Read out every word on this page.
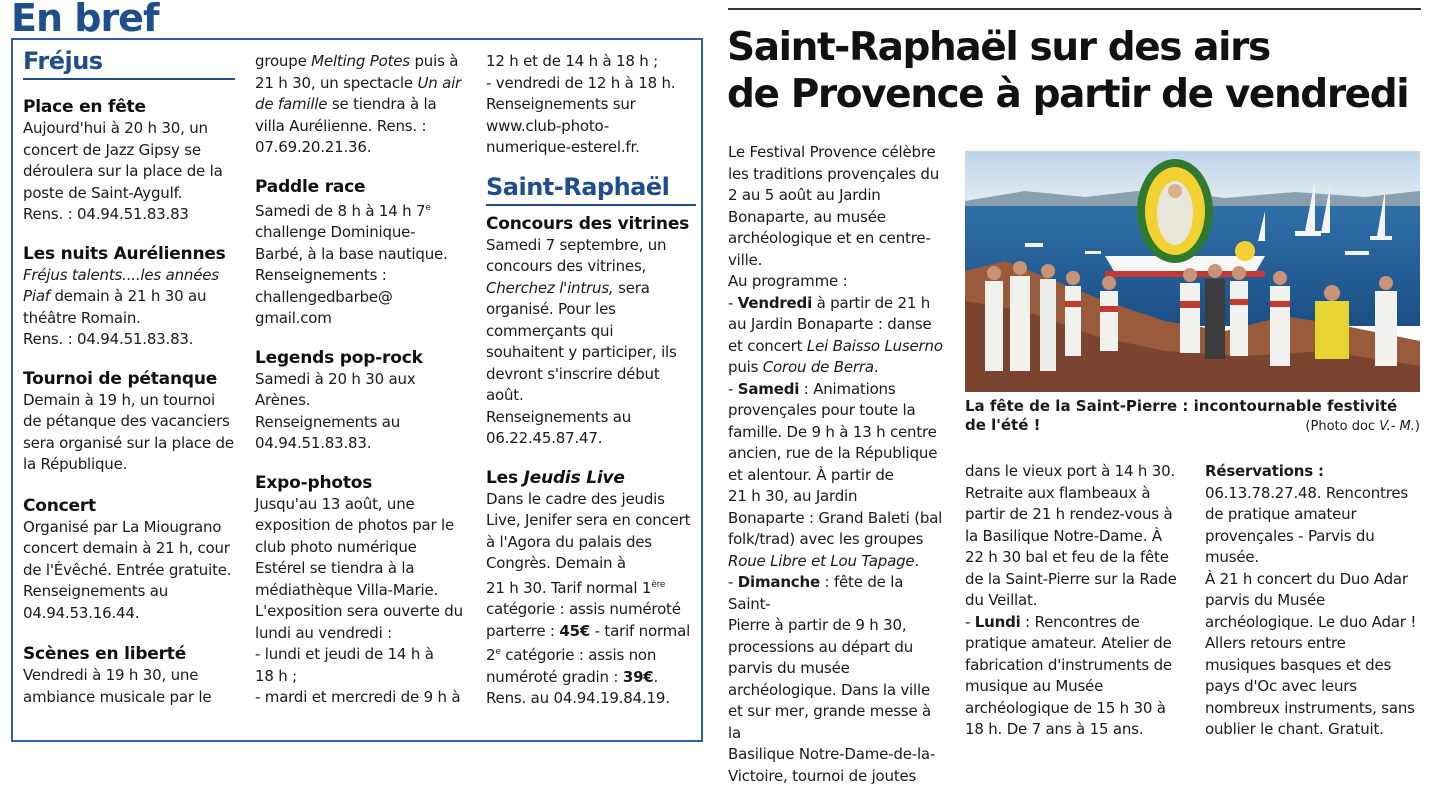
En bref
Fréjus

Place en fête

Aujourd'hui à 20 h 30, un

concert de Jazz Gipsy se

déroulera sur la place de la

poste de Saint-Aygulf.

Rens. : 04.94.51.83.83

Les nuits Auréliennes

Fréjus talents....les années

Piaf demain à 21 h 30 au

théâtre Romain.

Rens. : 04.94.51.83.83.

Tournoi de pétanque

Demain à 19 h, un tournoi

de pétanque des vacanciers

sera organisé sur la place de

la République.

Concert

Organisé par La Miougrano

concert demain à 21 h, cour

de l'Évêché. Entrée gratuite.

Renseignements au

04.94.53.16.44.

Scènes en liberté

Vendredi à 19 h 30, une

ambiance musicale par le

groupe Melting Potes puis à

21 h 30, un spectacle Un air

de famille se tiendra à la

villa Aurélienne. Rens. :

07.69.20.21.36.

Paddle race

Samedi de 8 h à 14 h 7e

challenge Dominique-

Barbé, à la base nautique.

Renseignements :

challengedbarbe@

gmail.com

Legends pop-rock

Samedi à 20 h 30 aux

Arènes.

Renseignements au

04.94.51.83.83.

Expo-photos

Jusqu'au 13 août, une

exposition de photos par le

club photo numérique

Estérel se tiendra à la

médiathèque Villa-Marie.

L'exposition sera ouverte du

lundi au vendredi :

- lundi et jeudi de 14 h à

18 h ;

- mardi et mercredi de 9 h à

12 h et de 14 h à 18 h ;

- vendredi de 12 h à 18 h.

Renseignements sur

www.club-photo-

numerique-esterel.fr.

Saint-Raphaël

Concours des vitrines

Samedi 7 septembre, un

concours des vitrines,

Cherchez l'intrus, sera

organisé. Pour les

commerçants qui

souhaitent y participer, ils

devront s'inscrire début

août.

Renseignements au

06.22.45.87.47.

Les Jeudis Live

Dans le cadre des jeudis

Live, Jenifer sera en concert

à l'Agora du palais des

Congrès. Demain à

21 h 30. Tarif normal 1ère

catégorie : assis numéroté

parterre : 45€ - tarif normal

2e catégorie : assis non

numéroté gradin : 39€.

Rens. au 04.94.19.84.19.

Saint-Raphaël sur des airs
de Provence à partir de vendredi

Le Festival Provence célèbre

les traditions provençales du

2 au 5 août au Jardin

Bonaparte, au musée

archéologique et en centre-

ville.

Au programme :

- Vendredi à partir de 21 h

au Jardin Bonaparte : danse

et concert Lei Baisso Luserno

puis Corou de Berra.

- Samedi : Animations

provençales pour toute la

famille. De 9 h à 13 h centre

ancien, rue de la République

et alentour. À partir de

21 h 30, au Jardin

Bonaparte : Grand Baleti (bal

folk/trad) avec les groupes

Roue Libre et Lou Tapage.

- Dimanche : fête de la Saint-

Pierre à partir de 9 h 30,

processions au départ du

parvis du musée

archéologique. Dans la ville

et sur mer, grande messe à la

Basilique Notre-Dame-de-la-

Victoire, tournoi de joutes

La fête de la Saint-Pierre : incontournable festivité de l'été !	(Photo doc V.- M.)

dans le vieux port à 14 h 30.

Retraite aux flambeaux à

partir de 21 h rendez-vous à

la Basilique Notre-Dame. À

22 h 30 bal et feu de la fête

de la Saint-Pierre sur la Rade

du Veillat.

- Lundi : Rencontres de

pratique amateur. Atelier de

fabrication d'instruments de

musique au Musée

archéologique de 15 h 30 à

18 h. De 7 ans à 15 ans.

Réservations :

06.13.78.27.48. Rencontres

de pratique amateur

provençales - Parvis du

musée.

À 21 h concert du Duo Adar

parvis du Musée

archéologique. Le duo Adar !

Allers retours entre

musiques basques et des

pays d'Oc avec leurs

nombreux instruments, sans

oublier le chant. Gratuit.
